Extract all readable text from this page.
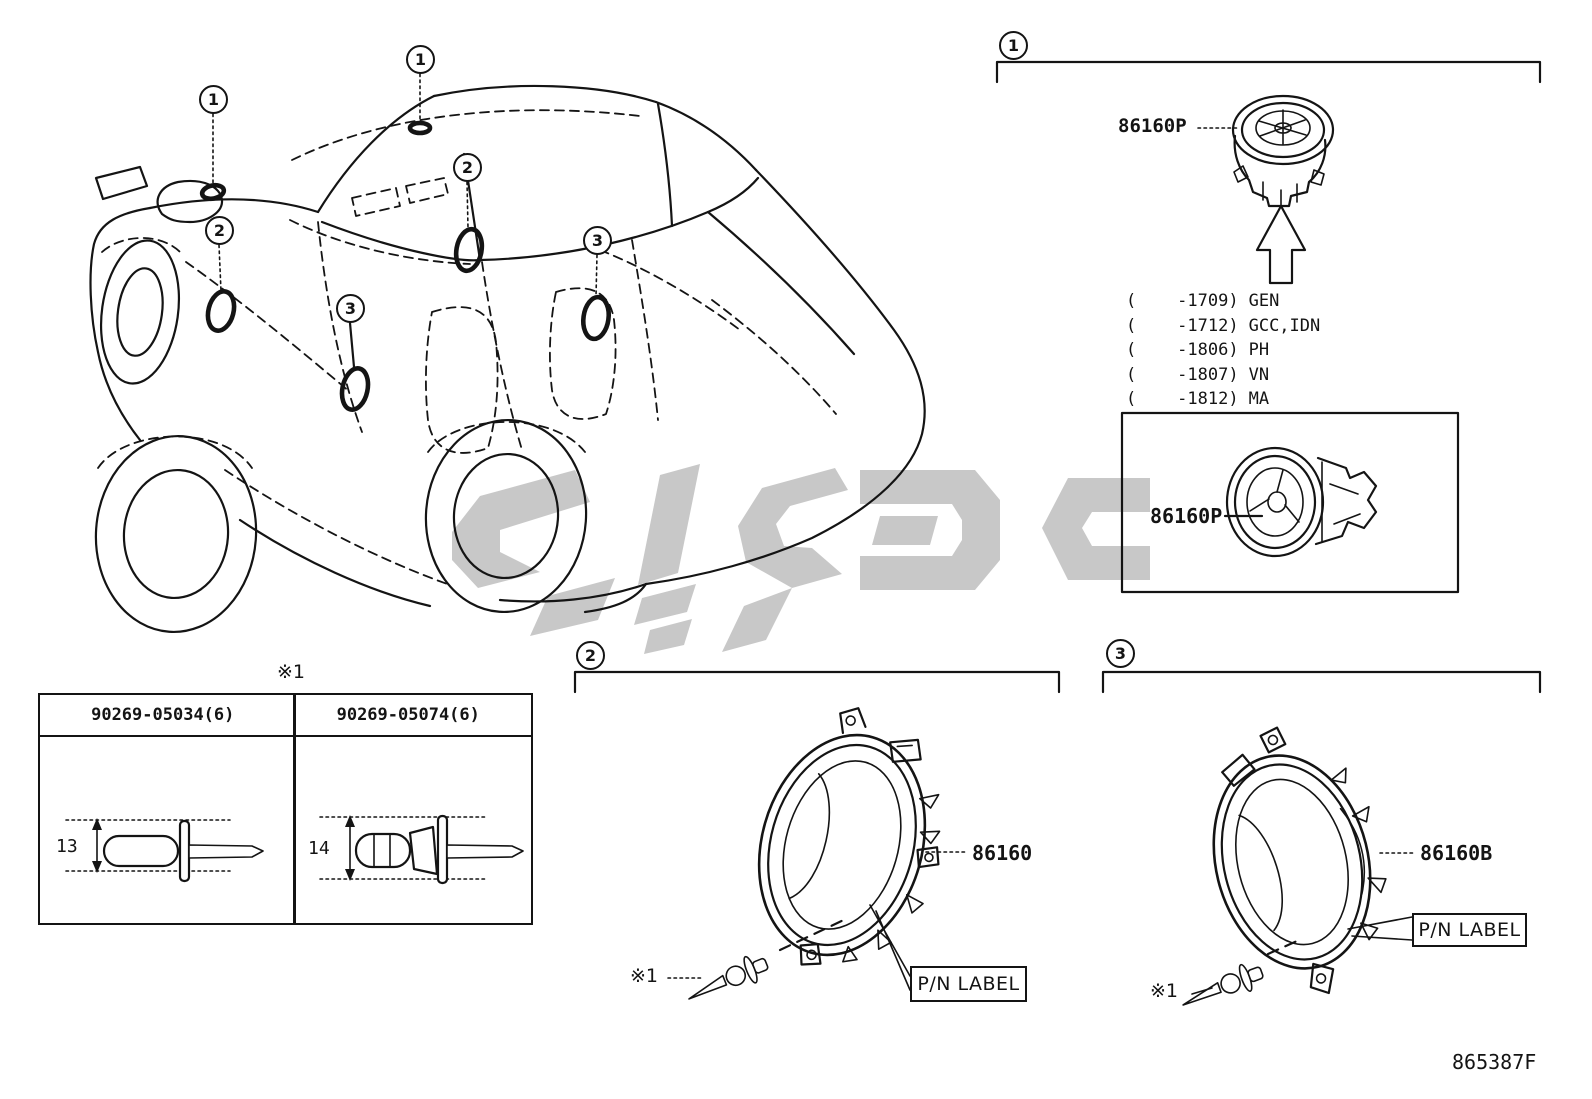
1
1
2
2
3
3
1
2	3
86160P
(    -1709) GEN
(    -1712) GCC,IDN
(    -1806) PH
(    -1807) VN
(    -1812) MA
86160P
86160
※1	P/N LABEL
86160B
※1
P/N LABEL
※1
90269-05034(6)	90269-05074(6)
13	14
865387F
